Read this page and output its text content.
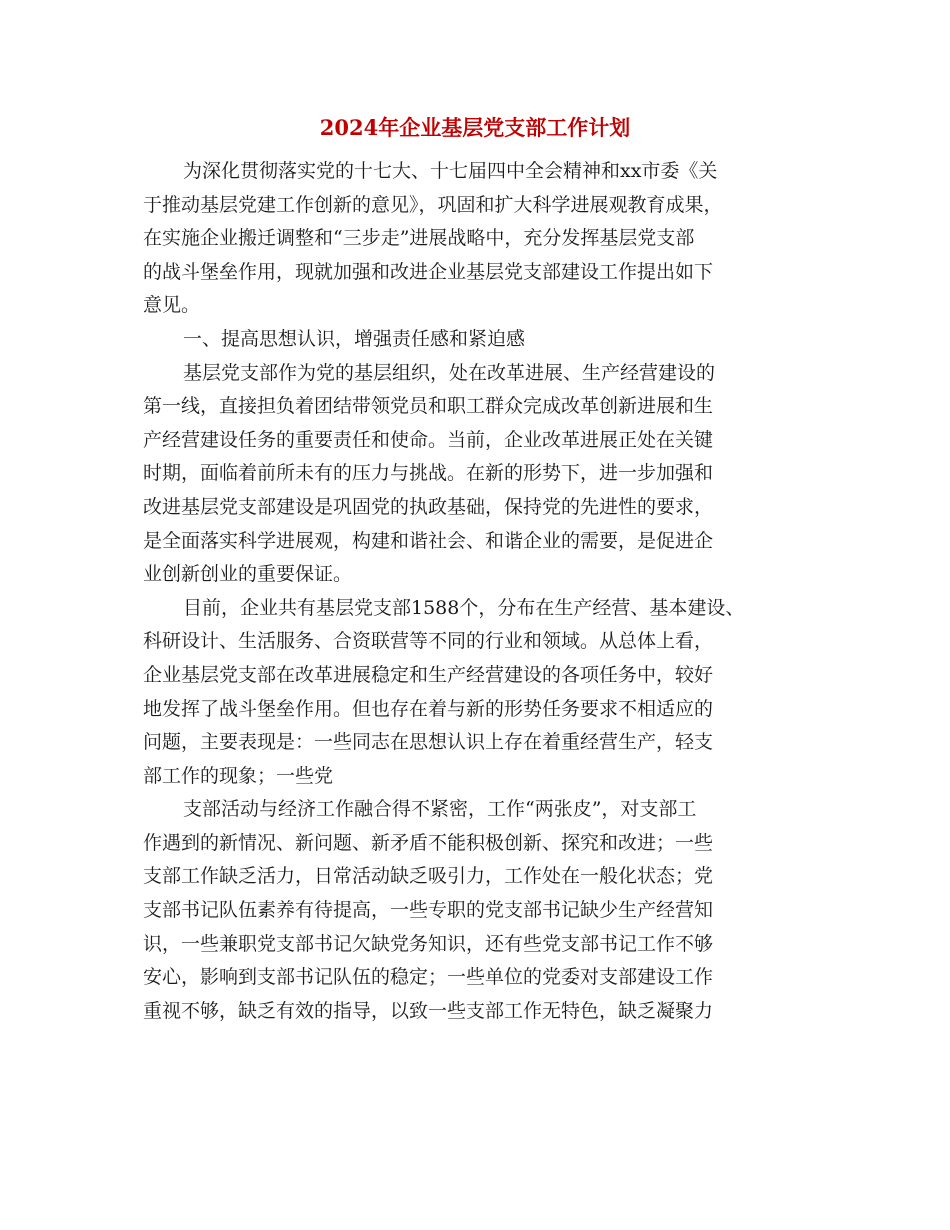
2024年企业基层党支部工作计划

为深化贯彻落实党的十七大、十七届四中全会精神和xx市委《关
于推动基层党建工作创新的意见》，巩固和扩大科学进展观教育成果，
在实施企业搬迁调整和“三步走”进展战略中，充分发挥基层党支部
的战斗堡垒作用，现就加强和改进企业基层党支部建设工作提出如下
意见。

一、提高思想认识，增强责任感和紧迫感

基层党支部作为党的基层组织，处在改革进展、生产经营建设的
第一线，直接担负着团结带领党员和职工群众完成改革创新进展和生
产经营建设任务的重要责任和使命。当前，企业改革进展正处在关键
时期，面临着前所未有的压力与挑战。在新的形势下，进一步加强和
改进基层党支部建设是巩固党的执政基础，保持党的先进性的要求，
是全面落实科学进展观，构建和谐社会、和谐企业的需要，是促进企
业创新创业的重要保证。

目前，企业共有基层党支部1588个，分布在生产经营、基本建设、
科研设计、生活服务、合资联营等不同的行业和领域。从总体上看，
企业基层党支部在改革进展稳定和生产经营建设的各项任务中，较好
地发挥了战斗堡垒作用。但也存在着与新的形势任务要求不相适应的
问题，主要表现是：一些同志在思想认识上存在着重经营生产，轻支
部工作的现象；一些党

支部活动与经济工作融合得不紧密，工作“两张皮”，对支部工
作遇到的新情况、新问题、新矛盾不能积极创新、探究和改进；一些
支部工作缺乏活力，日常活动缺乏吸引力，工作处在一般化状态；党
支部书记队伍素养有待提高，一些专职的党支部书记缺少生产经营知
识，一些兼职党支部书记欠缺党务知识，还有些党支部书记工作不够
安心，影响到支部书记队伍的稳定；一些单位的党委对支部建设工作
重视不够，缺乏有效的指导，以致一些支部工作无特色，缺乏凝聚力
